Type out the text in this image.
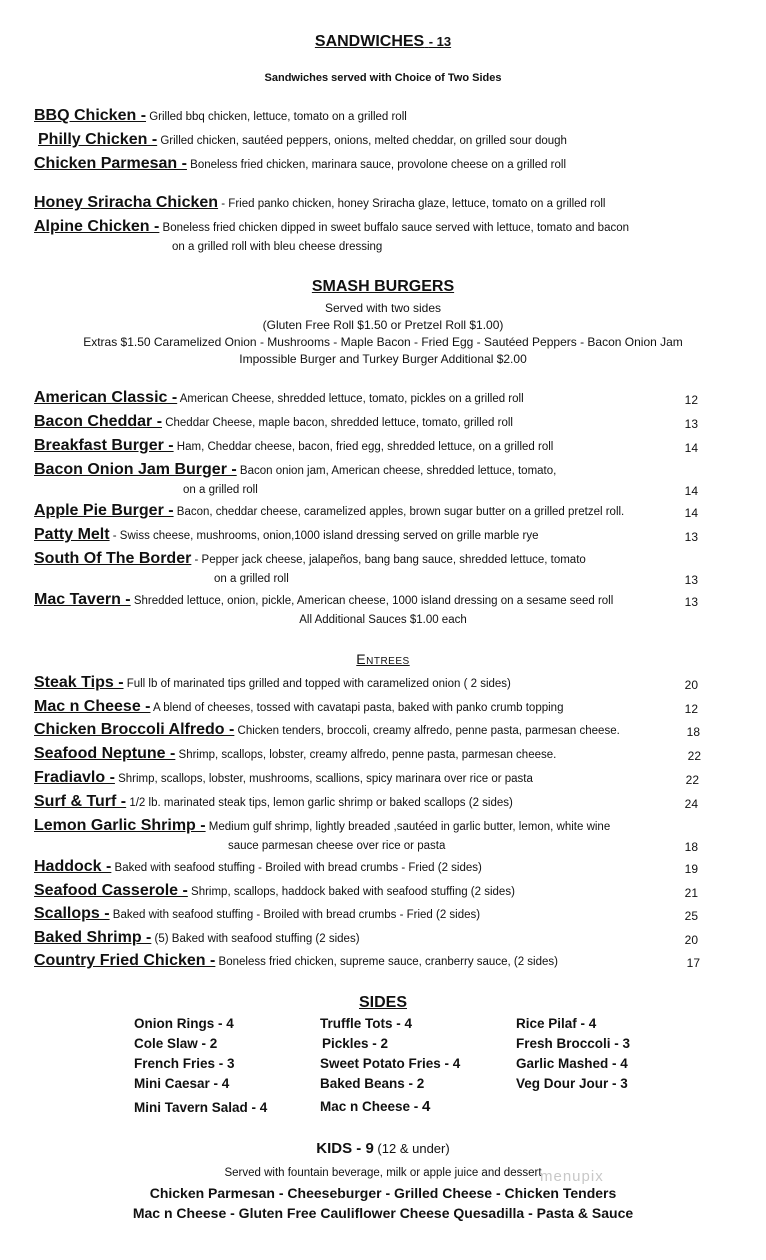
SANDWICHES - 13
Sandwiches served with Choice of Two Sides
BBQ Chicken - Grilled bbq chicken, lettuce, tomato on a grilled roll
Philly Chicken - Grilled chicken, sautéed peppers, onions, melted cheddar, on grilled sour dough
Chicken Parmesan - Boneless fried chicken, marinara sauce, provolone cheese on a grilled roll
Honey Sriracha Chicken - Fried panko chicken, honey Sriracha glaze, lettuce, tomato on a grilled roll
Alpine Chicken - Boneless fried chicken dipped in sweet buffalo sauce served with lettuce, tomato and bacon
on a grilled roll with bleu cheese dressing
SMASH BURGERS
Served with two sides
(Gluten Free Roll $1.50 or Pretzel Roll $1.00)
Extras $1.50 Caramelized Onion - Mushrooms - Maple Bacon - Fried Egg - Sautéed Peppers - Bacon Onion Jam
Impossible Burger and Turkey Burger Additional $2.00
American Classic - American Cheese, shredded lettuce, tomato, pickles on a grilled roll	12
Bacon Cheddar - Cheddar Cheese, maple bacon, shredded lettuce, tomato, grilled roll	13
Breakfast Burger - Ham, Cheddar cheese, bacon, fried egg, shredded lettuce, on a grilled roll	14
Bacon Onion Jam Burger - Bacon onion jam, American cheese, shredded lettuce, tomato,
on a grilled roll	14
Apple Pie Burger - Bacon, cheddar cheese, caramelized apples, brown sugar butter on a grilled pretzel roll.	14
Patty Melt - Swiss cheese, mushrooms, onion,1000 island dressing served on grille marble rye	13
South Of The Border - Pepper jack cheese, jalapeños, bang bang sauce, shredded lettuce, tomato
on a grilled roll	13
Mac Tavern - Shredded lettuce, onion, pickle, American cheese, 1000 island dressing on a sesame seed roll	13
All Additional Sauces $1.00 each
Entrees
Steak Tips - Full lb of marinated tips grilled and topped with caramelized onion ( 2 sides)	20
Mac n Cheese - A blend of cheeses, tossed with cavatapi pasta, baked with panko crumb topping	12
Chicken Broccoli Alfredo - Chicken tenders, broccoli, creamy alfredo, penne pasta, parmesan cheese.	18
Seafood Neptune - Shrimp, scallops, lobster, creamy alfredo, penne pasta, parmesan cheese.	22
Fradiavlo - Shrimp, scallops, lobster, mushrooms, scallions, spicy marinara over rice or pasta	22
Surf & Turf - 1/2 lb. marinated steak tips, lemon garlic shrimp or baked scallops (2 sides)	24
Lemon Garlic Shrimp - Medium gulf shrimp, lightly breaded ,sautéed in garlic butter, lemon, white wine
sauce parmesan cheese over rice or pasta	18
Haddock - Baked with seafood stuffing - Broiled with bread crumbs - Fried (2 sides)	19
Seafood Casserole - Shrimp, scallops, haddock baked with seafood stuffing (2 sides)	21
Scallops - Baked with seafood stuffing - Broiled with bread crumbs - Fried (2 sides)	25
Baked Shrimp - (5) Baked with seafood stuffing (2 sides)	20
Country Fried Chicken - Boneless fried chicken, supreme sauce, cranberry sauce, (2 sides)	17
SIDES
Onion Rings - 4
Cole Slaw - 2
French Fries - 3
Mini Caesar - 4
Mini Tavern Salad - 4
Truffle Tots - 4
Pickles - 2
Sweet Potato Fries - 4
Baked Beans - 2
Mac n Cheese - 4
Rice Pilaf - 4
Fresh Broccoli - 3
Garlic Mashed - 4
Veg Dour Jour - 3
KIDS - 9 (12 & under)
Served with fountain beverage, milk or apple juice and dessert
Chicken Parmesan - Cheeseburger - Grilled Cheese - Chicken Tenders
Mac n Cheese - Gluten Free Cauliflower Cheese Quesadilla - Pasta & Sauce
menupix
